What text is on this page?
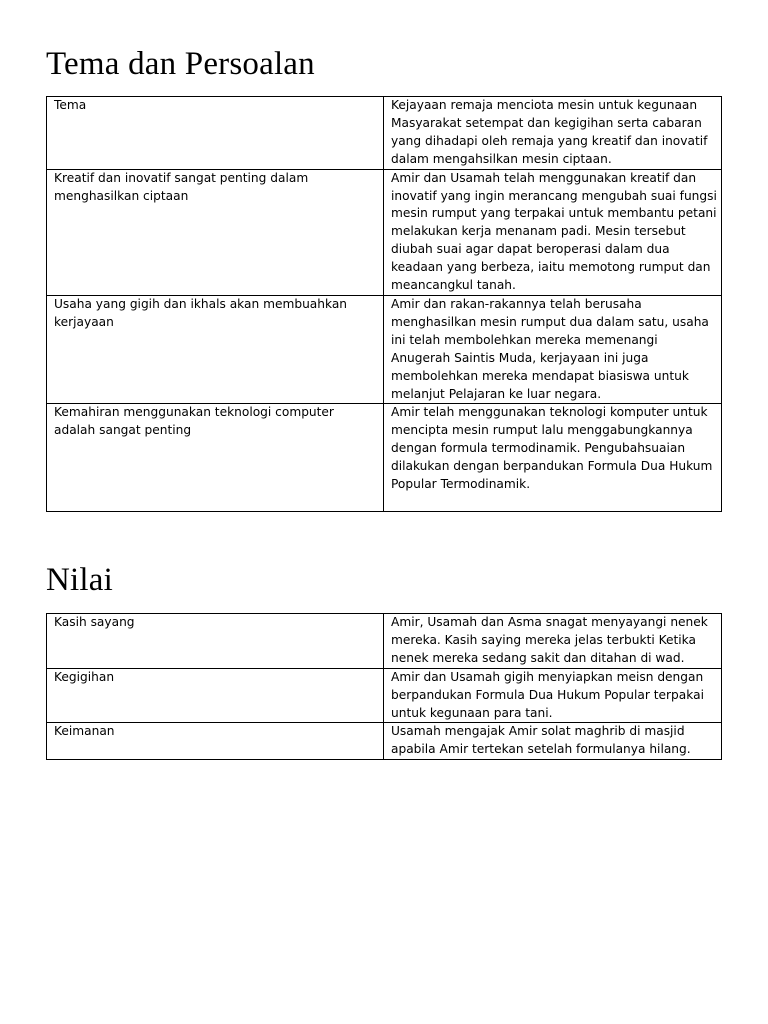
Tema dan Persoalan
Tema	Kejayaan remaja menciota mesin untuk kegunaan Masyarakat setempat dan kegigihan serta cabaran yang dihadapi oleh remaja yang kreatif dan inovatif dalam mengahsilkan mesin ciptaan.
Kreatif dan inovatif sangat penting dalam menghasilkan ciptaan	Amir dan Usamah telah menggunakan kreatif dan inovatif yang ingin merancang mengubah suai fungsi mesin rumput yang terpakai untuk membantu petani melakukan kerja menanam padi. Mesin tersebut diubah suai agar dapat beroperasi dalam dua keadaan yang berbeza, iaitu memotong rumput dan meancangkul tanah.
Usaha yang gigih dan ikhals akan membuahkan kerjayaan	Amir dan rakan-rakannya telah berusaha menghasilkan mesin rumput dua dalam satu, usaha ini telah membolehkan mereka memenangi Anugerah Saintis Muda, kerjayaan ini juga membolehkan mereka mendapat biasiswa untuk melanjut Pelajaran ke luar negara.
Kemahiran menggunakan teknologi computer adalah sangat penting	Amir telah menggunakan teknologi komputer untuk mencipta mesin rumput lalu menggabungkannya dengan formula termodinamik. Pengubahsuaian dilakukan dengan berpandukan Formula Dua Hukum Popular Termodinamik.
Nilai
Kasih sayang	Amir, Usamah dan Asma snagat menyayangi nenek mereka. Kasih saying mereka jelas terbukti Ketika nenek mereka sedang sakit dan ditahan di wad.
Kegigihan	Amir dan Usamah gigih menyiapkan meisn dengan berpandukan Formula Dua Hukum Popular terpakai untuk kegunaan para tani.
Keimanan	Usamah mengajak Amir solat maghrib di masjid apabila Amir tertekan setelah formulanya hilang.
